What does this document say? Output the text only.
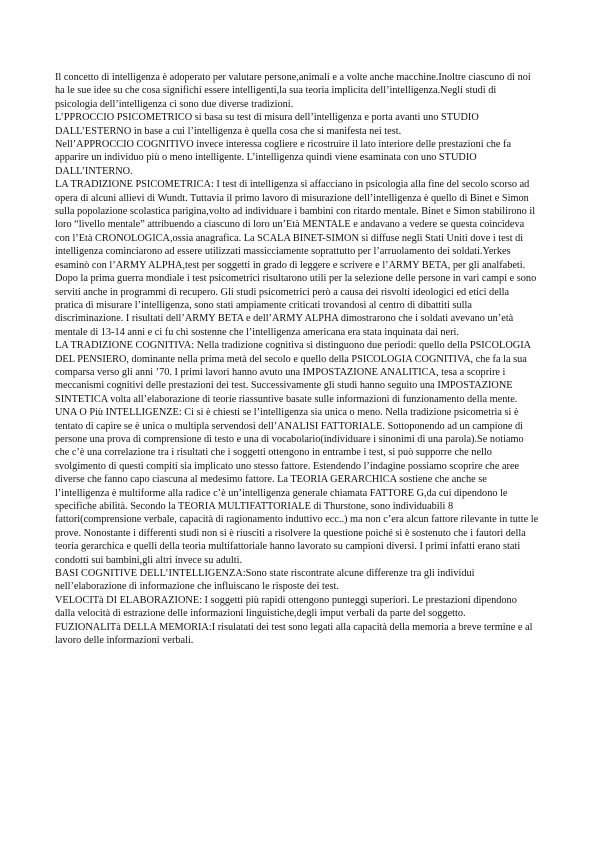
Il concetto di intelligenza è adoperato per valutare persone,animali e a volte anche macchine.Inoltre ciascuno di noi ha le sue idee su che cosa significhi essere intelligenti,la sua teoria implicita dell’intelligenza.Negli studi di psicologia dell’intelligenza ci sono due diverse tradizioni.

L’PPROCCIO PSICOMETRICO si basa su test di misura dell’intelligenza e porta avanti uno STUDIO DALL’ESTERNO in base a cui l’intelligenza è quella cosa che si manifesta nei test.

Nell’APPROCCIO COGNITIVO invece interessa cogliere e ricostruire il lato interiore delle prestazioni che fa apparire un individuo più o meno intelligente. L’intelligenza quindi viene esaminata con uno STUDIO DALL’INTERNO.

LA TRADIZIONE PSICOMETRICA: I test di intelligenza si affacciano in psicologia alla fine del secolo scorso ad opera di alcuni allievi di Wundt. Tuttavia il primo lavoro di misurazione dell’intelligenza è quello di Binet e Simon sulla popolazione scolastica parigina,volto ad individuare i bambini con ritardo mentale. Binet e Simon stabilirono il loro “livello mentale” attribuendo a ciascuno di loro un’Età MENTALE e andavano a vedere se questa coincideva con l’Età CRONOLOGICA,ossia anagrafica. La SCALA BINET-SIMON si diffuse negli Stati Uniti dove i test di intelligenza cominciarono ad essere utilizzati massicciamente soprattutto per l’arruolamento dei soldati.Yerkes esaminò con l’ARMY ALPHA,test per soggetti in grado di leggere e scrivere e l’ARMY BETA, per gli analfabeti. Dopo la prima guerra mondiale i test psicometrici risultarono utili per la selezione delle persone in vari campi e sono serviti anche in programmi di recupero. Gli studi psicometrici però a causa dei risvolti ideologici ed etici della pratica di misurare l’intelligenza, sono stati ampiamente criticati trovandosi al centro di dibattiti sulla discriminazione. I risultati dell’ARMY BETA e dell’ARMY ALPHA dimostrarono che i soldati avevano un’età mentale di 13-14 anni e ci fu chi sostenne che l’intelligenza americana era stata inquinata dai neri.

LA TRADIZIONE COGNITIVA: Nella tradizione cognitiva si distinguono due periodi: quello della PSICOLOGIA DEL PENSIERO, dominante nella prima metà del secolo e quello della PSICOLOGIA COGNITIVA, che fa la sua comparsa verso gli anni ’70. I primi lavori hanno avuto una IMPOSTAZIONE ANALITICA, tesa a scoprire i meccanismi cognitivi delle prestazioni dei test. Successivamente gli studi hanno seguito una IMPOSTAZIONE SINTETICA volta all’elaborazione di teorie riassuntive basate sulle informazioni di funzionamento della mente.

UNA O Più INTELLIGENZE: Ci si è chiesti se l’intelligenza sia unica o meno. Nella tradizione psicometria si è tentato di capire se è unica o multipla servendosi dell’ANALISI FATTORIALE. Sottoponendo ad un campione di persone una prova di comprensione di testo e una di vocabolario(individuare i sinonimi di una parola).Se notiamo che c’è una correlazione tra i risultati che i soggetti ottengono in entrambe i test, si può supporre che nello svolgimento di questi compiti sia implicato uno stesso fattore. Estendendo l’indagine possiamo scoprire che aree diverse che fanno capo ciascuna al medesimo fattore. La TEORIA GERARCHICA sostiene che anche se l’intelligenza è multiforme alla radice c’è un’intelligenza generale chiamata FATTORE G,da cui dipendono le specifiche abilità. Secondo la TEORIA MULTIFATTORIALE di Thurstone, sono individuabili 8 fattori(comprensione verbale, capacità di ragionamento induttivo ecc..) ma non c’era alcun fattore rilevante in tutte le prove. Nonostante i differenti studi non si è riusciti a risolvere la questione poiché si è sostenuto che i fautori della teoria gerarchica e quelli della teoria multifattoriale hanno lavorato su campioni diversi. I primi infatti erano stati condotti sui bambini,gli altri invece su adulti.

BASI COGNITIVE DELL’INTELLIGENZA:Sono state riscontrate alcune differenze tra gli individui nell’elaborazione di informazione che influiscano le risposte dei test.

VELOCITà DI ELABORAZIONE: I soggetti più rapidi ottengono punteggi superiori. Le prestazioni dipendono dalla velocità di estrazione delle informazioni linguistiche,degli imput verbali da parte del soggetto.

FUZIONALITà DELLA MEMORIA:I risulatati dei test sono legati alla capacità della memoria a breve termine e al lavoro delle informazioni verbali.
